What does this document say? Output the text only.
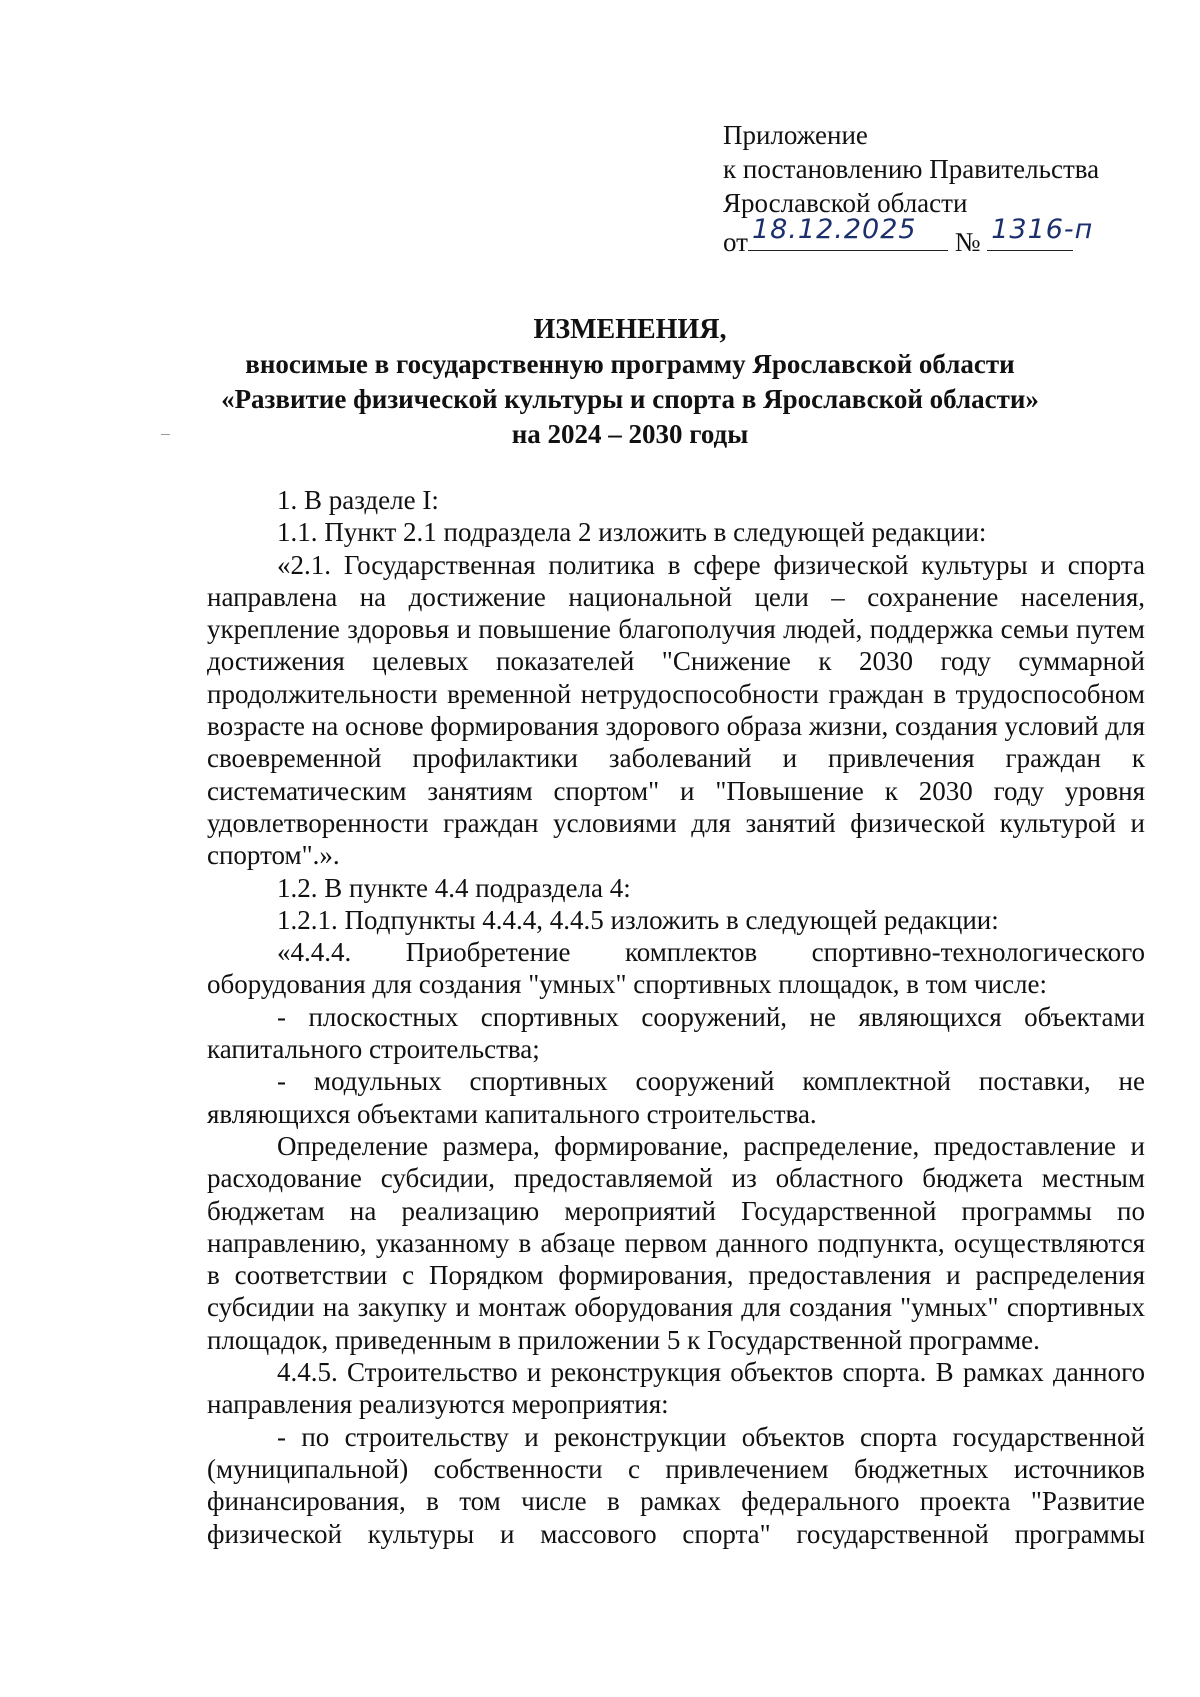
Приложение
к постановлению Правительства
Ярославской области
от 18.12.2025 № 1316-п
ИЗМЕНЕНИЯ,
вносимые в государственную программу Ярославской области
«Развитие физической культуры и спорта в Ярославской области»
на 2024 – 2030 годы

1. В разделе I:

1.1. Пункт 2.1 подраздела 2 изложить в следующей редакции:

«2.1. Государственная политика в сфере физической культуры и спорта направлена на достижение национальной цели – сохранение населения, укрепление здоровья и повышение благополучия людей, поддержка семьи путем достижения целевых показателей "Снижение к 2030 году суммарной продолжительности временной нетрудоспособности граждан в трудоспособном возрасте на основе формирования здорового образа жизни, создания условий для своевременной профилактики заболеваний и привлечения граждан к систематическим занятиям спортом" и "Повышение к 2030 году уровня удовлетворенности граждан условиями для занятий физической культурой и спортом".».

1.2. В пункте 4.4 подраздела 4:

1.2.1. Подпункты 4.4.4, 4.4.5 изложить в следующей редакции:

«4.4.4. Приобретение комплектов спортивно-технологического оборудования для создания "умных" спортивных площадок, в том числе:

- плоскостных спортивных сооружений, не являющихся объектами капитального строительства;

- модульных спортивных сооружений комплектной поставки, не являющихся объектами капитального строительства.

Определение размера, формирование, распределение, предоставление и расходование субсидии, предоставляемой из областного бюджета местным бюджетам на реализацию мероприятий Государственной программы по направлению, указанному в абзаце первом данного подпункта, осуществляются в соответствии с Порядком формирования, предоставления и распределения субсидии на закупку и монтаж оборудования для создания "умных" спортивных площадок, приведенным в приложении 5 к Государственной программе.

4.4.5. Строительство и реконструкция объектов спорта. В рамках данного направления реализуются мероприятия:

- по строительству и реконструкции объектов спорта государственной (муниципальной) собственности с привлечением бюджетных источников финансирования, в том числе в рамках федерального проекта "Развитие физической культуры и массового спорта" государственной программы
